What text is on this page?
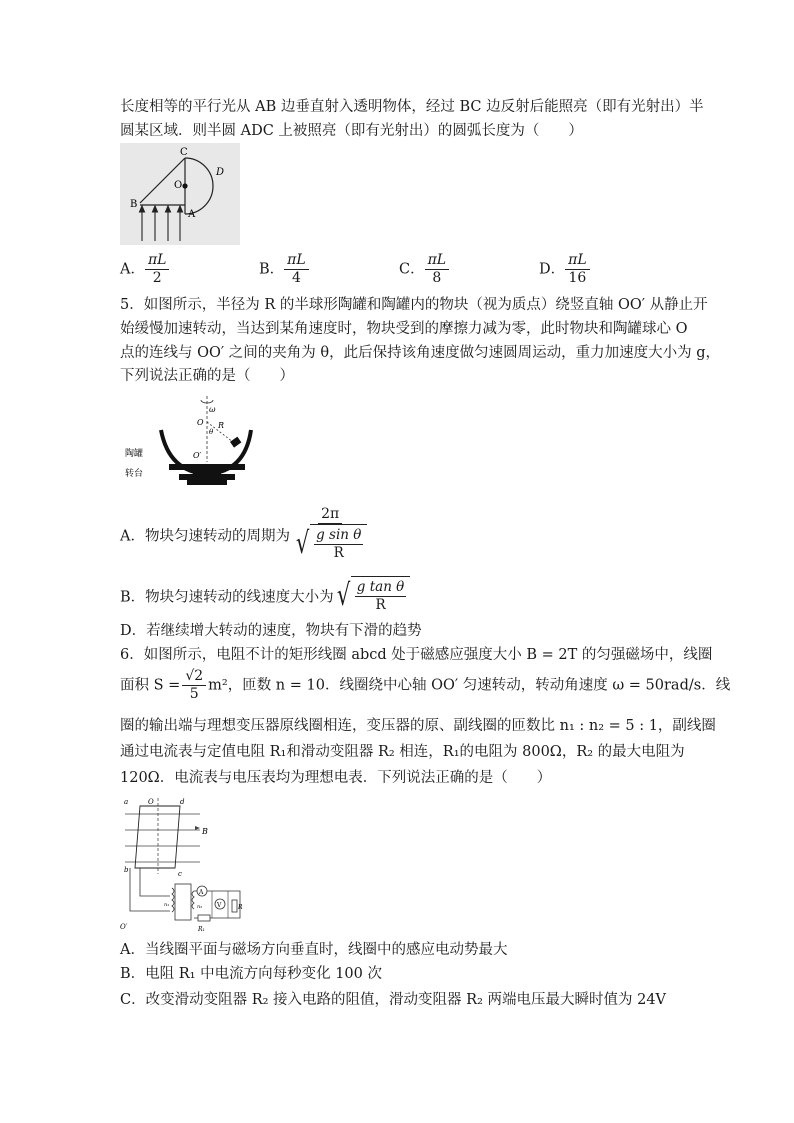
长度相等的平行光从 AB 边垂直射入透明物体，经过 BC 边反射后能照亮（即有光射出）半
圆某区域．则半圆 ADC 上被照亮（即有光射出）的圆弧长度为（　　）
C
D
O
B
A
A． $\frac{\pi L}{2}$	B． $\frac{\pi L}{4}$	C． $\frac{\pi L}{8}$	D． $\frac{\pi L}{16}$
5．如图所示，半径为 R 的半球形陶罐和陶罐内的物块（视为质点）绕竖直轴 OO′ 从静止开
始缓慢加速转动，当达到某角速度时，物块受到的摩擦力减为零，此时物块和陶罐球心 O
点的连线与 OO′ 之间的夹角为 θ，此后保持该角速度做匀速圆周运动，重力加速度大小为 g，
下列说法正确的是（　　）
ω
O R
θ
O′
陶罐
转台
A．物块匀速转动的周期为 $\frac{2\pi}{√ \frac{\text{g sin θ}}{R}}$
B．物块匀速转动的线速度大小为 √ $\frac{\text{g tan θ}}{R}$
D．若继续增大转动的速度，物块有下滑的趋势
6．如图所示，电阻不计的矩形线圈 abcd 处于磁感应强度大小 B = 2T 的匀强磁场中，线圈
面积 $S = \frac{√2}{5} m^2$，匝数 n = 10．线圈绕中心轴 OO′ 匀速转动，转动角速度 ω = 50rad/s．线
圈的输出端与理想变压器原线圈相连，变压器的原、副线圈的匝数比 n₁ : n₂ = 5 : 1，副线圈
通过电流表与定值电阻 R₁和滑动变阻器 R₂ 相连，R₁的电阻为 800Ω，R₂ 的最大电阻为
120Ω．电流表与电压表均为理想电表．下列说法正确的是（　　）
a	O	d
B
b	c
O′
A
V
n₁	n₂	R
R₁
A．当线圈平面与磁场方向垂直时，线圈中的感应电动势最大
B．电阻 R₁ 中电流方向每秒变化 100 次
C．改变滑动变阻器 R₂ 接入电路的阻值，滑动变阻器 R₂ 两端电压最大瞬时值为 24V
